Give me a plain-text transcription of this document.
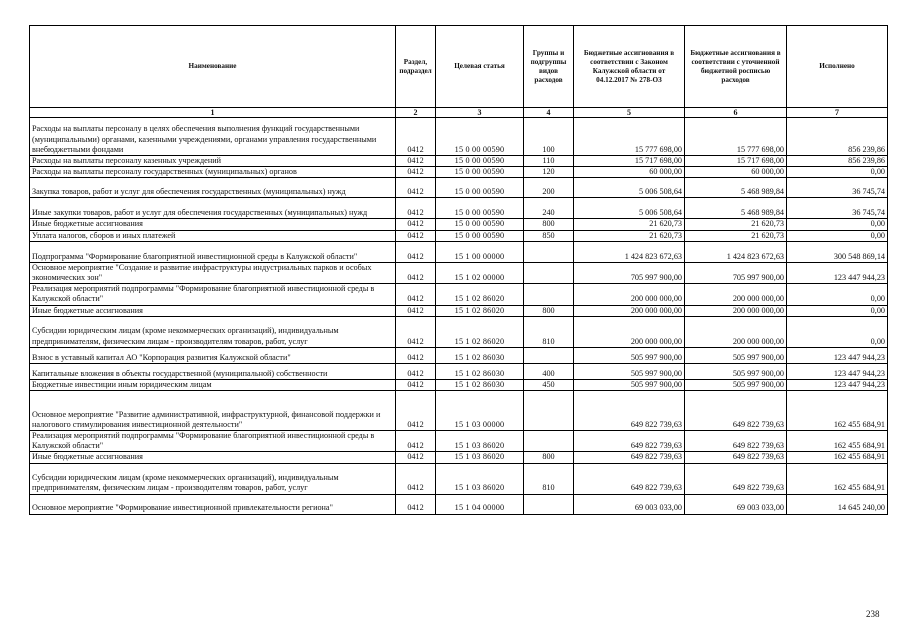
Наименование	Раздел, подраздел	Целевая статья	Группы и подгруппы видов расходов	Бюджетные ассигнования в соответствии с Законом Калужской области от 04.12.2017 № 278-ОЗ	Бюджетные ассигнования в соответствии с уточненной бюджетной росписью расходов	Исполнено
1	2	3	4	5	6	7
Расходы на выплаты персоналу в целях обеспечения выполнения функций государственными (муниципальными) органами, казенными учреждениями, органами управления государственными внебюджетными фондами	0412	15 0 00 00590	100	15 777 698,00	15 777 698,00	856 239,86
Расходы на выплаты персоналу казенных учреждений	0412	15 0 00 00590	110	15 717 698,00	15 717 698,00	856 239,86
Расходы на выплаты персоналу государственных (муниципальных) органов	0412	15 0 00 00590	120	60 000,00	60 000,00	0,00
Закупка товаров, работ и услуг для обеспечения государственных (муниципальных) нужд	0412	15 0 00 00590	200	5 006 508,64	5 468 989,84	36 745,74
Иные закупки товаров, работ и услуг для обеспечения государственных (муниципальных) нужд	0412	15 0 00 00590	240	5 006 508,64	5 468 989,84	36 745,74
Иные бюджетные ассигнования	0412	15 0 00 00590	800	21 620,73	21 620,73	0,00
Уплата налогов, сборов и иных платежей	0412	15 0 00 00590	850	21 620,73	21 620,73	0,00
Подпрограмма "Формирование благоприятной инвестиционной среды в Калужской области"	0412	15 1 00 00000		1 424 823 672,63	1 424 823 672,63	300 548 869,14
Основное мероприятие "Создание и развитие инфраструктуры индустриальных парков и особых экономических зон"	0412	15 1 02 00000		705 997 900,00	705 997 900,00	123 447 944,23
Реализация мероприятий подпрограммы "Формирование благоприятной инвестиционной среды в Калужской области"	0412	15 1 02 86020		200 000 000,00	200 000 000,00	0,00
Иные бюджетные ассигнования	0412	15 1 02 86020	800	200 000 000,00	200 000 000,00	0,00
Субсидии юридическим лицам (кроме некоммерческих организаций), индивидуальным предпринимателям, физическим лицам - производителям товаров, работ, услуг	0412	15 1 02 86020	810	200 000 000,00	200 000 000,00	0,00
Взнос в уставный капитал АО "Корпорация развития Калужской области"	0412	15 1 02 86030		505 997 900,00	505 997 900,00	123 447 944,23
Капитальные вложения в объекты государственной (муниципальной) собственности	0412	15 1 02 86030	400	505 997 900,00	505 997 900,00	123 447 944,23
Бюджетные инвестиции иным юридическим лицам	0412	15 1 02 86030	450	505 997 900,00	505 997 900,00	123 447 944,23
Основное мероприятие "Развитие административной, инфраструктурной, финансовой поддержки и налогового стимулирования инвестиционной деятельности"	0412	15 1 03 00000		649 822 739,63	649 822 739,63	162 455 684,91
Реализация мероприятий подпрограммы "Формирование благоприятной инвестиционной среды в Калужской области"	0412	15 1 03 86020		649 822 739,63	649 822 739,63	162 455 684,91
Иные бюджетные ассигнования	0412	15 1 03 86020	800	649 822 739,63	649 822 739,63	162 455 684,91
Субсидии юридическим лицам (кроме некоммерческих организаций), индивидуальным предпринимателям, физическим лицам - производителям товаров, работ, услуг	0412	15 1 03 86020	810	649 822 739,63	649 822 739,63	162 455 684,91
Основное мероприятие "Формирование инвестиционной привлекательности региона"	0412	15 1 04 00000		69 003 033,00	69 003 033,00	14 645 240,00
238
